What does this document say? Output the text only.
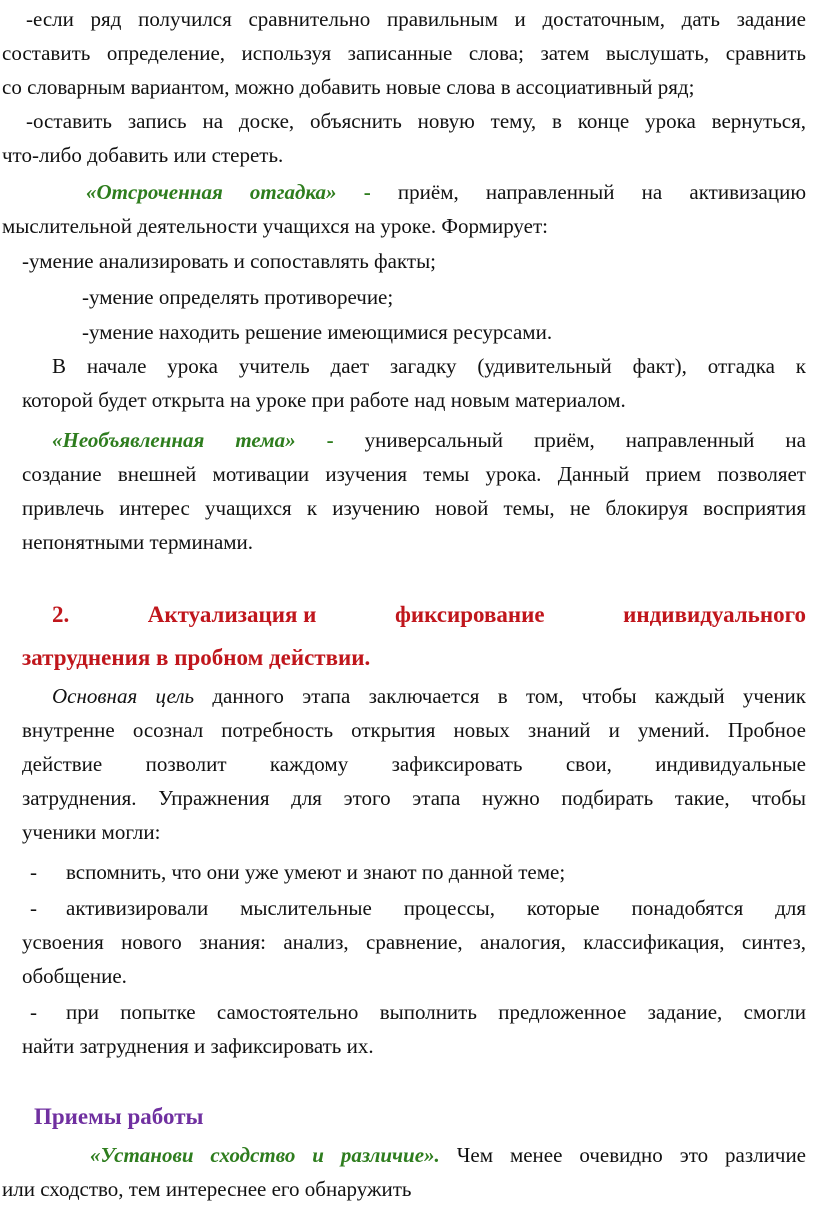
-если ряд получился сравнительно правильным и достаточным, дать задание
составить определение, используя записанные слова; затем выслушать, сравнить
со словарным вариантом, можно добавить новые слова в ассоциативный ряд;
-оставить запись на доске, объяснить новую тему, в конце урока вернуться,
что-либо добавить или стереть.
«Отсроченная отгадка» - приём, направленный на активизацию
мыслительной деятельности учащихся на уроке. Формирует:
-умение анализировать и сопоставлять факты;
-умение определять противоречие;
-умение находить решение имеющимися ресурсами.
В начале урока учитель дает загадку (удивительный факт), отгадка к
которой будет открыта на уроке при работе над новым материалом.
«Необъявленная тема» - универсальный приём, направленный на
создание внешней мотивации изучения темы урока. Данный прием позволяет
привлечь интерес учащихся к изучению новой темы, не блокируя восприятия
непонятными терминами.
2.	Актуализация и	фиксирование	индивидуального
затруднения в пробном действии.
Основная цель данного этапа заключается в том, чтобы каждый ученик
внутренне осознал потребность открытия новых знаний и умений. Пробное
действие позволит каждому зафиксировать свои, индивидуальные
затруднения. Упражнения для этого этапа нужно подбирать такие, чтобы
ученики могли:
- вспомнить, что они уже умеют и знают по данной теме;
- активизировали мыслительные процессы, которые понадобятся для
усвоения нового знания: анализ, сравнение, аналогия, классификация, синтез,
обобщение.
- при попытке самостоятельно выполнить предложенное задание, смогли
найти затруднения и зафиксировать их.
Приемы работы
«Установи сходство и различие». Чем менее очевидно это различие
или сходство, тем интереснее его обнаружить
